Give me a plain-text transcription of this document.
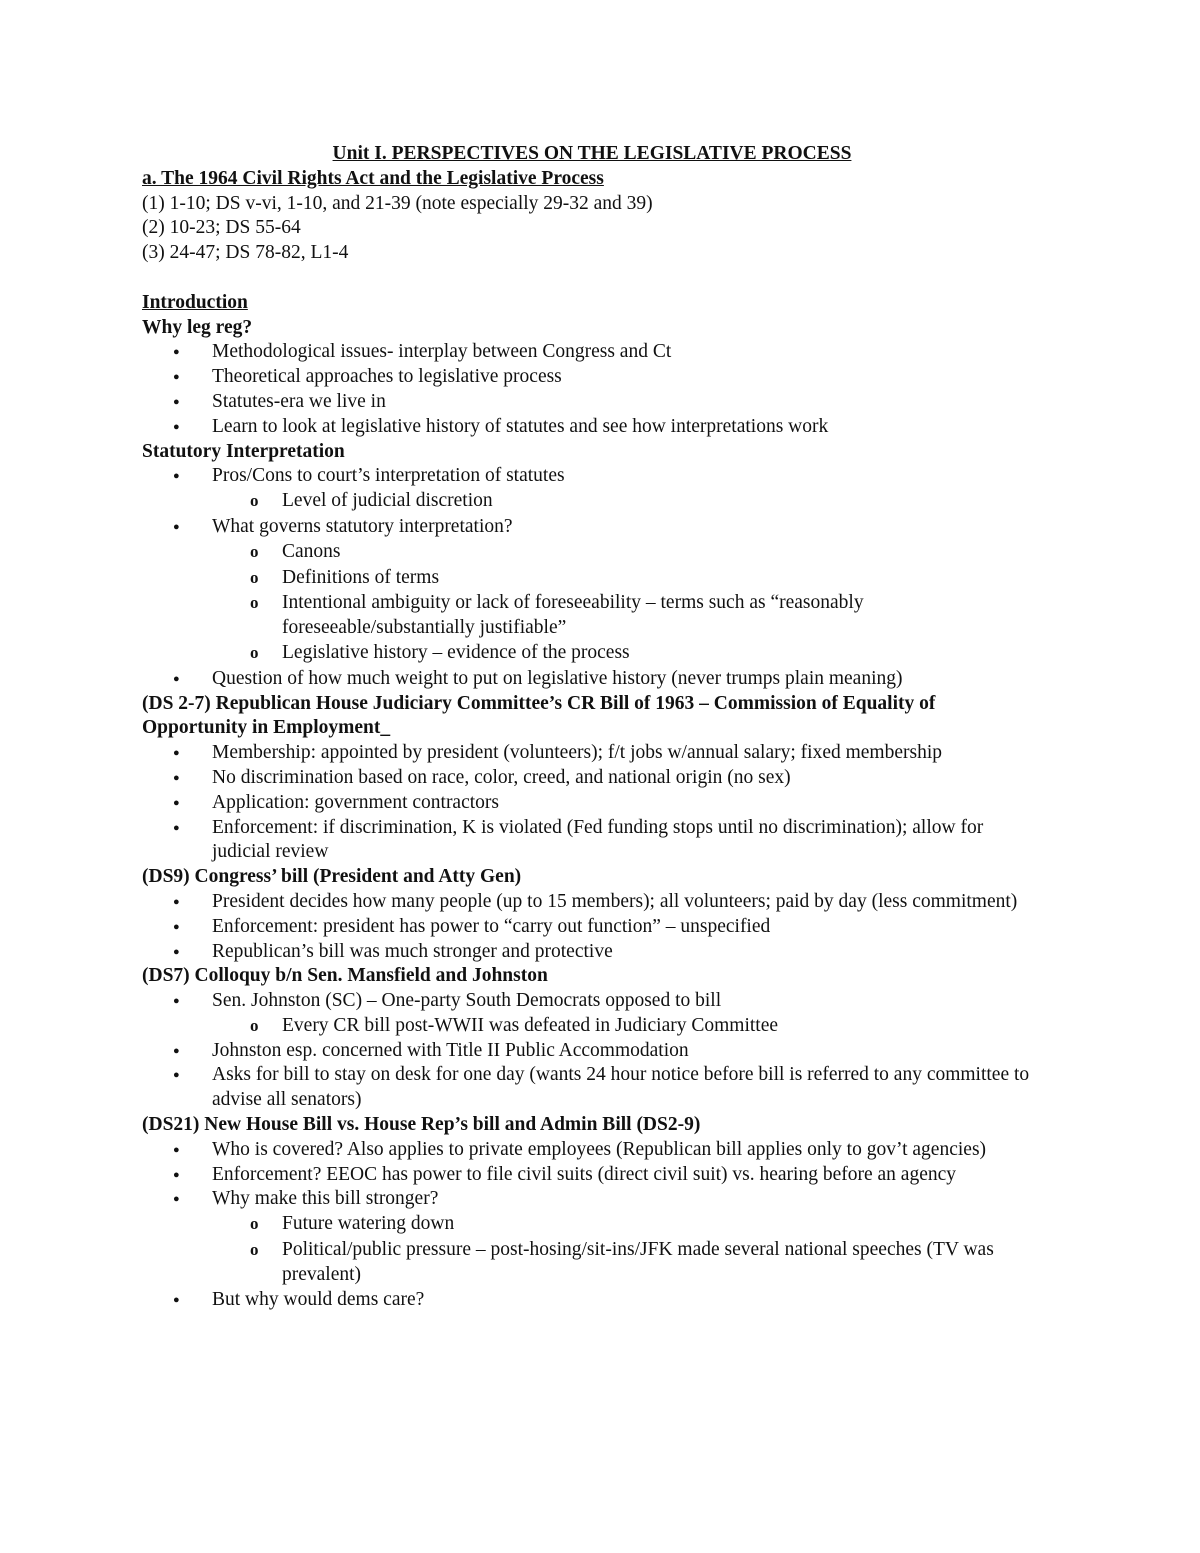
Unit I. PERSPECTIVES ON THE LEGISLATIVE PROCESS

a. The 1964 Civil Rights Act and the Legislative Process

(1) 1-10; DS v-vi, 1-10, and 21-39 (note especially 29-32 and 39)

(2) 10-23; DS 55-64

(3) 24-47; DS 78-82, L1-4

Introduction

Why leg reg?

● Methodological issues- interplay between Congress and Ct

● Theoretical approaches to legislative process

● Statutes-era we live in

● Learn to look at legislative history of statutes and see how interpretations work

Statutory Interpretation

● Pros/Cons to court’s interpretation of statutes

o Level of judicial discretion

● What governs statutory interpretation?

o Canons

o Definitions of terms

o Intentional ambiguity or lack of foreseeability – terms such as “reasonably foreseeable/substantially justifiable”

o Legislative history – evidence of the process

● Question of how much weight to put on legislative history (never trumps plain meaning)

(DS 2-7) Republican House Judiciary Committee’s CR Bill of 1963 – Commission of Equality of Opportunity in Employment_

● Membership: appointed by president (volunteers); f/t jobs w/annual salary; fixed membership

● No discrimination based on race, color, creed, and national origin (no sex)

● Application: government contractors

● Enforcement: if discrimination, K is violated (Fed funding stops until no discrimination); allow for judicial review

(DS9) Congress’ bill (President and Atty Gen)

● President decides how many people (up to 15 members); all volunteers; paid by day (less commitment)

● Enforcement: president has power to “carry out function” – unspecified

● Republican’s bill was much stronger and protective

(DS7) Colloquy b/n Sen. Mansfield and Johnston

● Sen. Johnston (SC) – One-party South Democrats opposed to bill

o Every CR bill post-WWII was defeated in Judiciary Committee

● Johnston esp. concerned with Title II Public Accommodation

● Asks for bill to stay on desk for one day (wants 24 hour notice before bill is referred to any committee to advise all senators)

(DS21) New House Bill vs. House Rep’s bill and Admin Bill (DS2-9)

● Who is covered? Also applies to private employees (Republican bill applies only to gov’t agencies)

● Enforcement? EEOC has power to file civil suits (direct civil suit) vs. hearing before an agency

● Why make this bill stronger?

o Future watering down

o Political/public pressure – post-hosing/sit-ins/JFK made several national speeches (TV was prevalent)

● But why would dems care?
